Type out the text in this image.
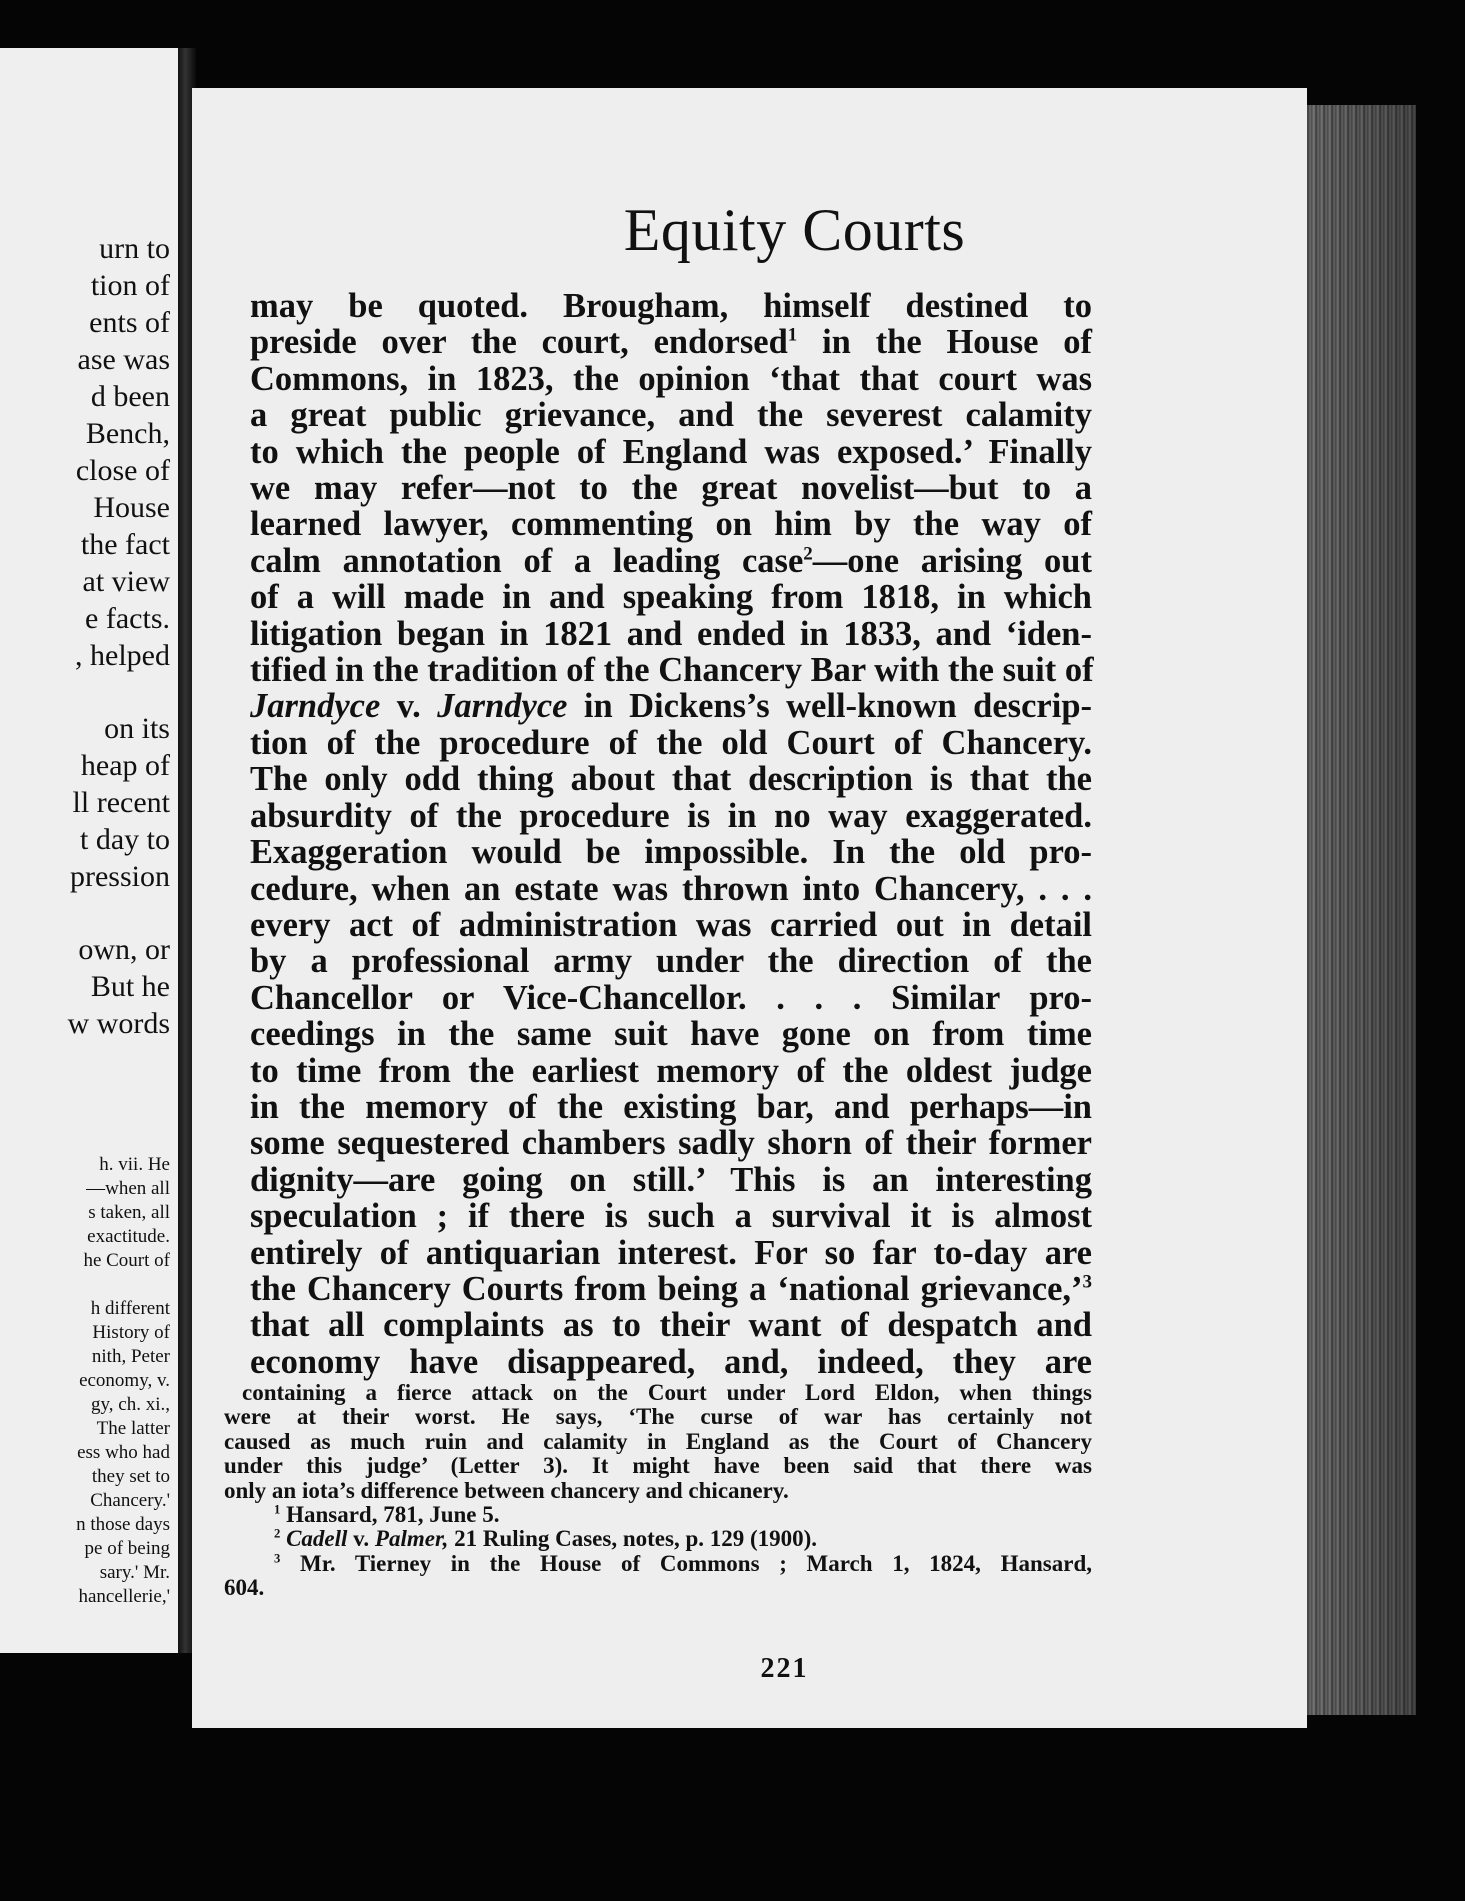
urn to
tion of
ents of
ase was
d been
Bench,
close of
House
the fact
at view
e facts.
, helped
on its
heap of
ll recent
t day to
pression
own, or
But he
w words
h. vii. He
—when all
s taken, all
exactitude.
he Court of
h different
History of
nith, Peter
economy, v.
gy, ch. xi.,
The latter
ess who had
they set to
Chancery.'
n those days
pe of being
sary.' Mr.
hancellerie,'
Equity Courts
may be quoted. Brougham, himself destined to
preside over the court, endorsed$^1$ in the House of
Commons, in 1823, the opinion ‘that that court was
a great public grievance, and the severest calamity
to which the people of England was exposed.’ Finally
we may refer—not to the great novelist—but to a
learned lawyer, commenting on him by the way of
calm annotation of a leading case$^2$—one arising out
of a will made in and speaking from 1818, in which
litigation began in 1821 and ended in 1833, and ‘iden-
tified in the tradition of the Chancery Bar with the suit of
Jarndyce v. Jarndyce in Dickens’s well-known descrip-
tion of the procedure of the old Court of Chancery.
The only odd thing about that description is that the
absurdity of the procedure is in no way exaggerated.
Exaggeration would be impossible. In the old pro-
cedure, when an estate was thrown into Chancery, . . .
every act of administration was carried out in detail
by a professional army under the direction of the
Chancellor or Vice-Chancellor. . . . Similar pro-
ceedings in the same suit have gone on from time
to time from the earliest memory of the oldest judge
in the memory of the existing bar, and perhaps—in
some sequestered chambers sadly shorn of their former
dignity—are going on still.’ This is an interesting
speculation ; if there is such a survival it is almost
entirely of antiquarian interest. For so far to-day are
the Chancery Courts from being a ‘national grievance,’$^3$
that all complaints as to their want of despatch and
economy have disappeared, and, indeed, they are
containing a fierce attack on the Court under Lord Eldon, when things
were at their worst. He says, ‘The curse of war has certainly not
caused as much ruin and calamity in England as the Court of Chancery
under this judge’ (Letter 3). It might have been said that there was
only an iota’s difference between chancery and chicanery.
$^1$ Hansard, 781, June 5.
$^2$ Cadell v. Palmer, 21 Ruling Cases, notes, p. 129 (1900).
$^3$ Mr. Tierney in the House of Commons ; March 1, 1824, Hansard,
604.
221
